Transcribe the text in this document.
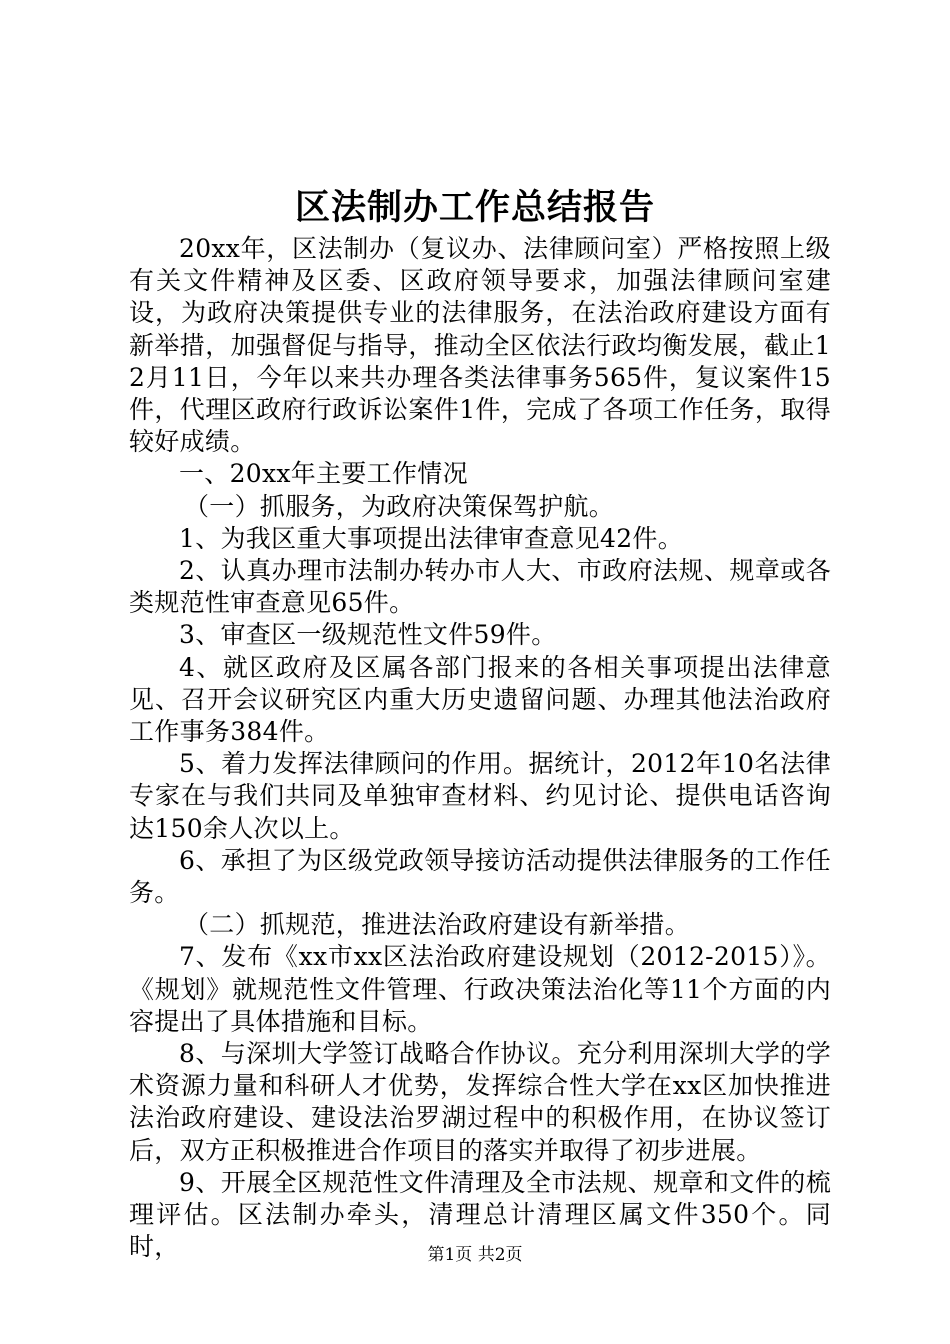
区法制办工作总结报告

20xx年，区法制办（复议办、法律顾问室）严格按照上级有关文件精神及区委、区政府领导要求，加强法律顾问室建设，为政府决策提供专业的法律服务，在法治政府建设方面有新举措，加强督促与指导，推动全区依法行政均衡发展，截止12月11日，今年以来共办理各类法律事务565件，复议案件15件，代理区政府行政诉讼案件1件，完成了各项工作任务，取得较好成绩。

一、20xx年主要工作情况

（一）抓服务，为政府决策保驾护航。

1、为我区重大事项提出法律审查意见42件。

2、认真办理市法制办转办市人大、市政府法规、规章或各类规范性审查意见65件。

3、审查区一级规范性文件59件。

4、就区政府及区属各部门报来的各相关事项提出法律意见、召开会议研究区内重大历史遗留问题、办理其他法治政府工作事务384件。

5、着力发挥法律顾问的作用。据统计，2012年10名法律专家在与我们共同及单独审查材料、约见讨论、提供电话咨询达150余人次以上。

6、承担了为区级党政领导接访活动提供法律服务的工作任务。

（二）抓规范，推进法治政府建设有新举措。

7、发布《xx市xx区法治政府建设规划（2012-2015）》。《规划》就规范性文件管理、行政决策法治化等11个方面的内容提出了具体措施和目标。

8、与深圳大学签订战略合作协议。充分利用深圳大学的学术资源力量和科研人才优势，发挥综合性大学在xx区加快推进法治政府建设、建设法治罗湖过程中的积极作用，在协议签订后，双方正积极推进合作项目的落实并取得了初步进展。

9、开展全区规范性文件清理及全市法规、规章和文件的梳理评估。区法制办牵头，清理总计清理区属文件350个。同时，	第1页 共2页
